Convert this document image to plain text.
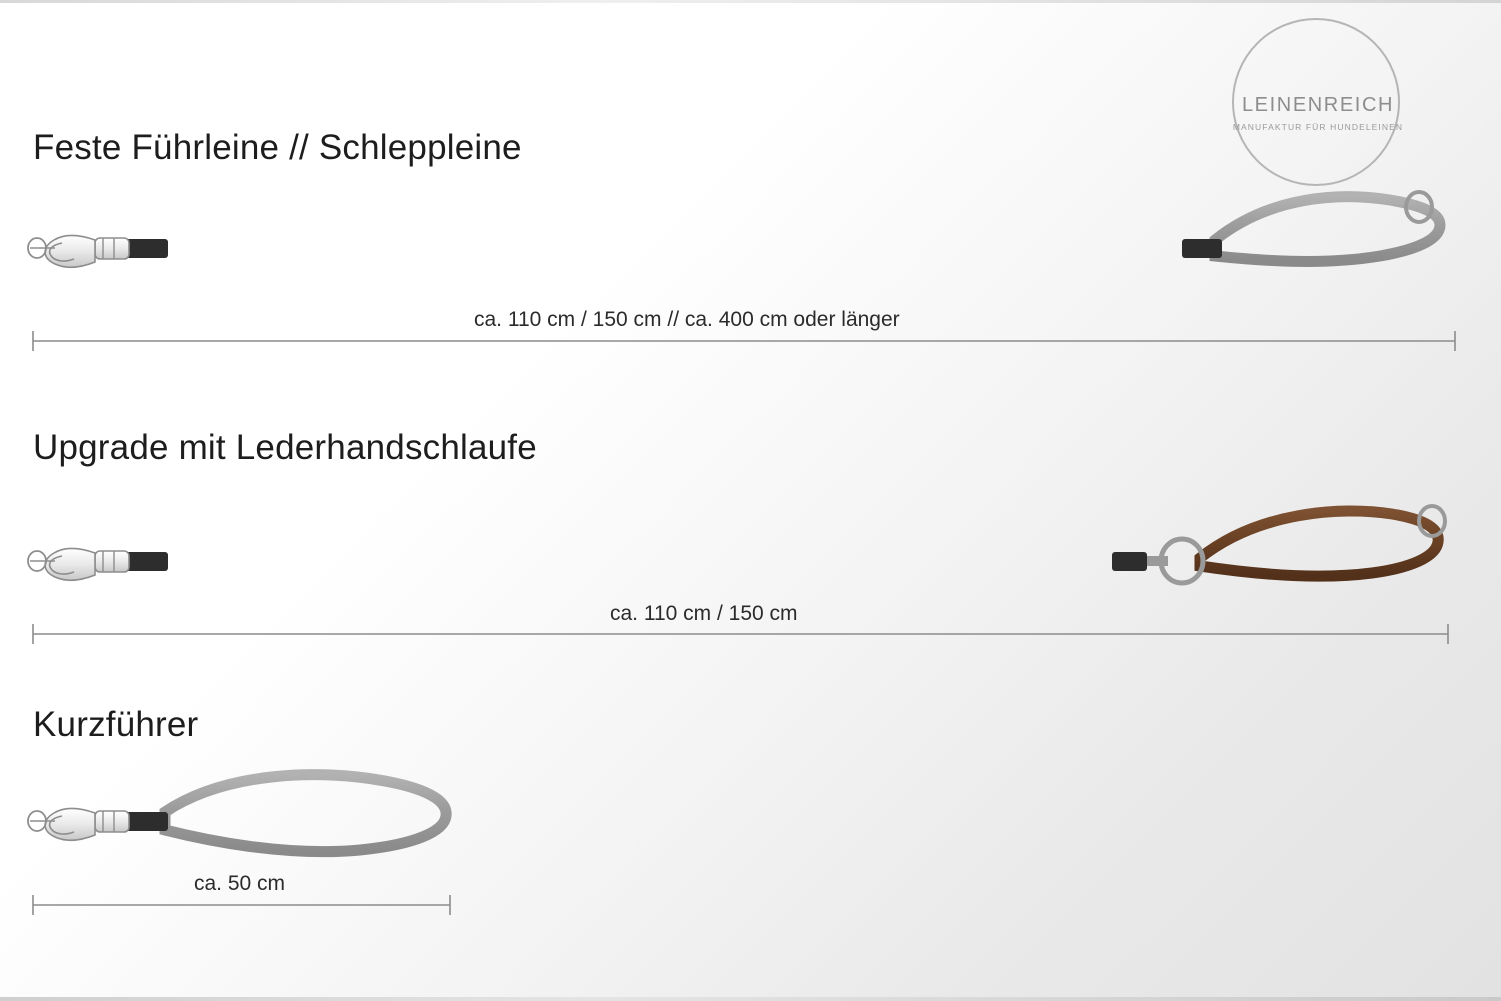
LEINENREICH
MANUFAKTUR FÜR HUNDELEINEN
Feste Führleine // Schleppleine
Upgrade mit Lederhandschlaufe
Kurzführer
ca. 110 cm / 150 cm // ca. 400 cm oder länger
ca. 110 cm / 150 cm
ca. 50 cm
